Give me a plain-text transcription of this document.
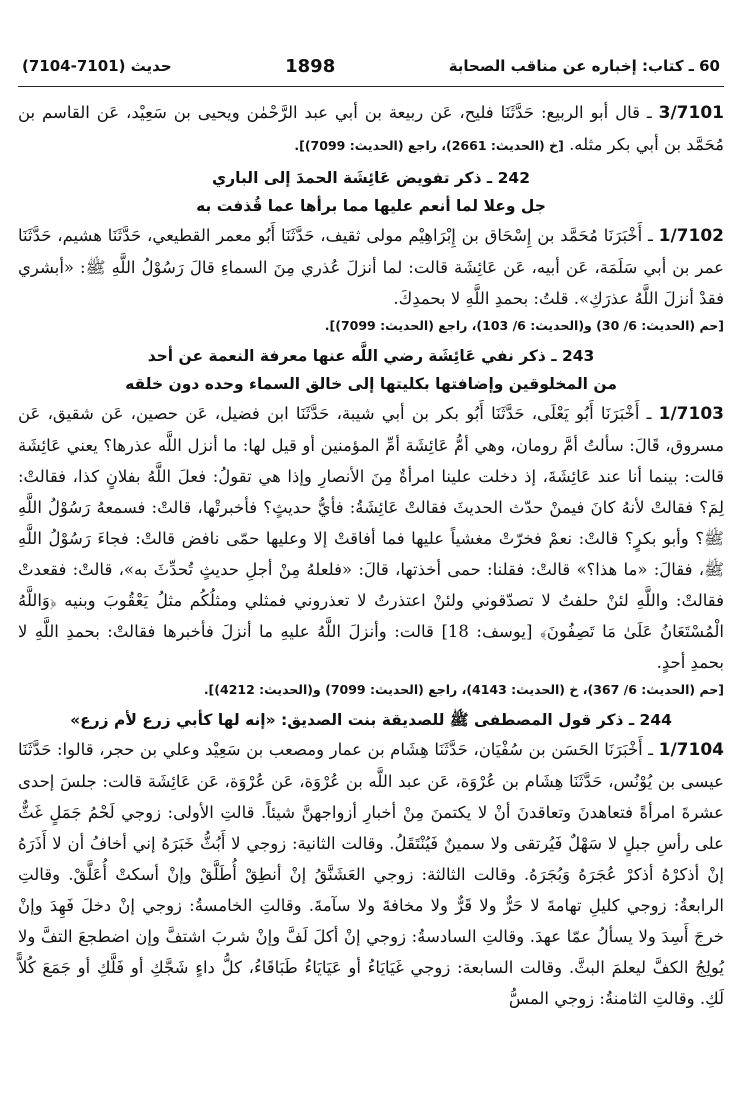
60 ـ كتاب: إخباره عن مناقب الصحابة
1898
حديث (7101-7104)

3/7101 ـ قال أبو الربيع: حَدَّثَنَا فليح، عَن ربيعة بن أبي عبد الرَّحْمٰن ويحيى بن سَعِيْد، عَن القاسم بن مُحَمَّد بن أبي بكر مثله. [خ (الحديث: 2661)، راجع (الحديث: 7099)].

242 ـ ذكر تفويض عَائِشَة الحمدَ إلى الباري
جل وعلا لما أنعم عليها مما برأها عما قُذفت به

1/7102 ـ أَخْبَرَنَا مُحَمَّد بن إِسْحَاق بن إِبْرَاهِيْم مولى ثقيف، حَدَّثَنَا أَبُو معمر القطيعي، حَدَّثَنَا هشيم، حَدَّثَنَا عمر بن أبي سَلَمَة، عَن أبيه، عَن عَائِشَة قالت: لما أنزلَ عُذري مِنَ السماءِ قالَ رَسُوْلُ اللَّهِ ﷺ: «أبشري فقدْ أنزلَ اللَّهُ عذرَكِ». قلتُ: بحمدِ اللَّهِ لا بحمدِكَ.

[حم (الحديث: 6/ 30) و(الحديث: 6/ 103)، راجع (الحديث: 7099)].

243 ـ ذكر نفي عَائِشَة رضي اللَّه عنها معرفة النعمة عن أحد
من المخلوقين وإضافتها بكليتها إلى خالق السماء وحده دون خلقه

1/7103 ـ أَخْبَرَنَا أَبُو يَعْلَى، حَدَّثَنَا أَبُو بكر بن أبي شيبة، حَدَّثَنَا ابن فضيل، عَن حصين، عَن شقيق، عَن مسروق، قَالَ: سألتُ أمَّ رومان، وهي أمُّ عَائِشَة أمِّ المؤمنين أو قيل لها: ما أنزل اللَّه عذرها؟ يعني عَائِشَة قالت: بينما أنا عند عَائِشَةَ، إذ دخلت علينا امرأةٌ مِنَ الأنصارِ وإذا هي تقولُ: فعلَ اللَّهُ بفلانٍ كذا، فقالتْ: لِمَ؟ فقالتْ لأنهُ كانَ فيمنْ حدّث الحديثَ فقالتْ عَائِشَةُ: فأيُّ حديثٍ؟ فأخبرتْها، قالتْ: فسمعهُ رَسُوْلُ اللَّهِ ﷺ؟ وأبو بكرٍ؟ قالتْ: نعمْ فخرّتْ مغشياً عليها فما أفاقتْ إلا وعليها حمّى نافض قالتْ: فجاءَ رَسُوْلُ اللَّهِ ﷺ، فقالَ: «ما هذا؟» قالتْ: فقلنا: حمى أخذتها، قالَ: «فلعلهُ مِنْ أجلِ حديثٍ تُحدِّثَ به»، قالتْ: فقعدتْ فقالتْ: واللَّهِ لئنْ حلفتُ لا تصدّقوني ولئنْ اعتذرتُ لا تعذروني فمثلي ومثلُكُم مثلُ يَعْقُوبَ وبنيه ﴿وَاللَّهُ الْمُسْتَعَانُ عَلَىٰ مَا تَصِفُونَ﴾ [يوسف: 18] قالت: وأنزلَ اللَّهُ عليهِ ما أنزلَ فأخبرها فقالتْ: بحمدِ اللَّهِ لا بحمدِ أحدٍ.

[حم (الحديث: 6/ 367)، خ (الحديث: 4143)، راجع (الحديث: 7099) و(الحديث: 4212)].

244 ـ ذكر قول المصطفى ﷺ للصديقة بنت الصديق: «إنه لها كأبي زرع لأم زرع»

1/7104 ـ أَخْبَرَنَا الحَسَن بن سُفْيَان، حَدَّثَنَا هِشَام بن عمار ومصعب بن سَعِيْد وعلي بن حجر، قالوا: حَدَّثَنَا عيسى بن يُوْنُس، حَدَّثَنَا هِشَام بن عُرْوَة، عَن عبد اللَّه بن عُرْوَة، عَن عُرْوَة، عَن عَائِشَة قالت: جلسَ إحدى عشرةَ امرأةً فتعاهدنَ وتعاقدنَ أنْ لا يكتمنَ مِنْ أخبارِ أزواجهنَّ شيئاً. قالتِ الأولى: زوجي لَحْمُ جَمَلٍ غَثٌّ على رأسِ جبلٍ لا سَهْلٌ فَيُرتقى ولا سمينٌ فَيُنْتَقَلُ. وقالت الثانية: زوجي لا أَبُثُّ خَبَرَهُ إني أخافُ أن لا أَذَرَهُ إنْ أذكرْهُ أذكرْ عُجَرَهُ وَبُجَرَهُ. وقالت الثالثة: زوجي العَشَنَّقُ إنْ أنطِقْ أُطَلَّقْ وإنْ أسكتْ أُعَلَّقْ. وقالتِ الرابعةُ: زوجي كليلِ تهامةَ لا حَرٌّ ولا قَرٌّ ولا مخافةَ ولا سآمةَ. وقالتِ الخامسةُ: زوجي إنْ دخلَ فَهِدَ وإنْ خرجَ أَسِدَ ولا يسألُ عمّا عهدَ. وقالتِ السادسةُ: زوجي إنْ أكلَ لَفَّ وإنْ شربَ اشتفَّ وإن اضطجعَ التفَّ ولا يُولِجُ الكفَّ ليعلمَ البثَّ. وقالت السابعة: زوجي غَيَايَاءُ أو عَيَايَاءُ طَبَاقَاءُ، كلُّ داءٍ شَجَّكِ أو فَلَّكِ أو جَمَعَ كُلاًّ لَكِ. وقالتِ الثامنةُ: زوجي المسُّ
